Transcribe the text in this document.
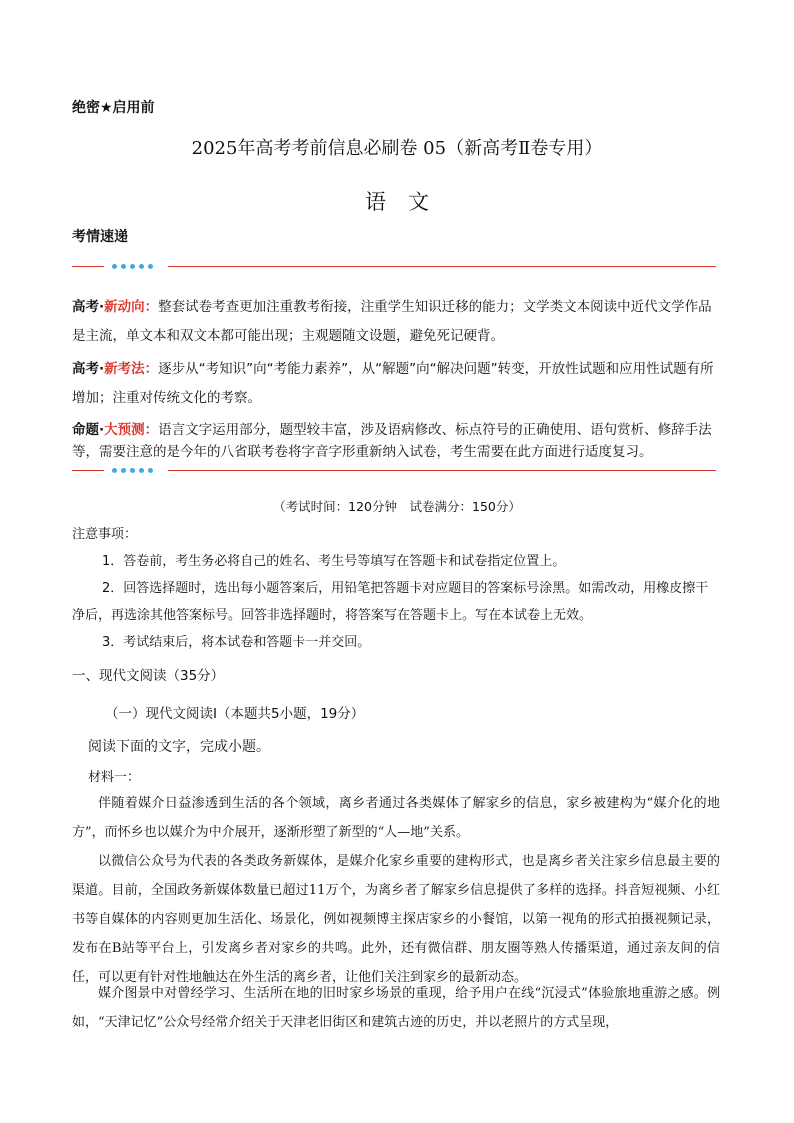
绝密★启用前
2025年高考考前信息必刷卷 05（新高考Ⅱ卷专用）
语文
考情速递
高考·新动向：整套试卷考查更加注重教考衔接，注重学生知识迁移的能力；文学类文本阅读中近代文学作品是主流，单文本和双文本都可能出现；主观题随文设题，避免死记硬背。
高考·新考法：逐步从“考知识”向“考能力素养”，从“解题”向“解决问题”转变，开放性试题和应用性试题有所增加；注重对传统文化的考察。
命题·大预测：语言文字运用部分，题型较丰富，涉及语病修改、标点符号的正确使用、语句赏析、修辞手法等，需要注意的是今年的八省联考卷将字音字形重新纳入试卷，考生需要在此方面进行适度复习。
（考试时间：120分钟　试卷满分：150分）
注意事项：
1．答卷前，考生务必将自己的姓名、考生号等填写在答题卡和试卷指定位置上。
2．回答选择题时，选出每小题答案后，用铅笔把答题卡对应题目的答案标号涂黑。如需改动，用橡皮擦干净后，再选涂其他答案标号。回答非选择题时，将答案写在答题卡上。写在本试卷上无效。
3．考试结束后，将本试卷和答题卡一并交回。
一、现代文阅读（35分）
（一）现代文阅读Ⅰ（本题共5小题，19分）
阅读下面的文字，完成小题。
材料一：
伴随着媒介日益渗透到生活的各个领域，离乡者通过各类媒体了解家乡的信息，家乡被建构为“媒介化的地方”，而怀乡也以媒介为中介展开，逐渐形塑了新型的“人—地”关系。
以微信公众号为代表的各类政务新媒体，是媒介化家乡重要的建构形式，也是离乡者关注家乡信息最主要的渠道。目前，全国政务新媒体数量已超过11万个，为离乡者了解家乡信息提供了多样的选择。抖音短视频、小红书等自媒体的内容则更加生活化、场景化，例如视频博主探店家乡的小餐馆，以第一视角的形式拍摄视频记录，发布在B站等平台上，引发离乡者对家乡的共鸣。此外，还有微信群、朋友圈等熟人传播渠道，通过亲友间的信任，可以更有针对性地触达在外生活的离乡者，让他们关注到家乡的最新动态。
媒介图景中对曾经学习、生活所在地的旧时家乡场景的重现，给予用户在线“沉浸式”体验旅地重游之感。例如，“天津记忆”公众号经常介绍关于天津老旧街区和建筑古迹的历史，并以老照片的方式呈现，
